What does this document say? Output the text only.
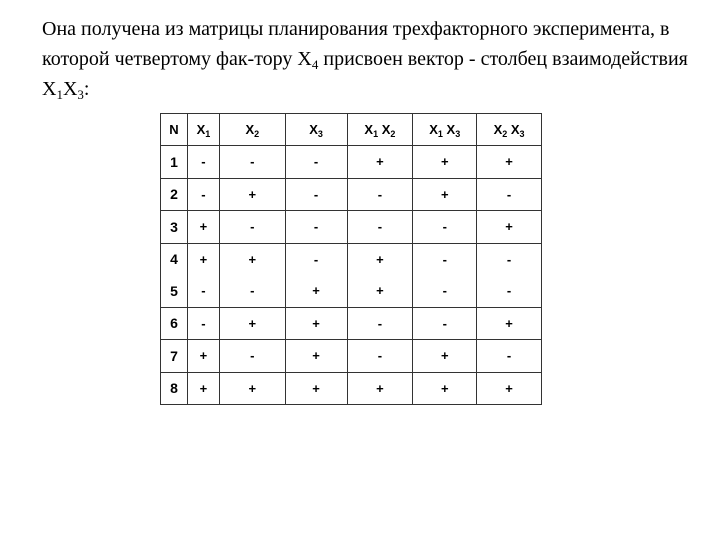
Она получена из матрицы планирования трехфакторного эксперимента, в которой четвертому фак-тору $X_4$ присвоен вектор - столбец взаимодействия $X_1X_3$:

N	$X_1$	$X_2$	$X_3$	$X_1$ $X_2$	$X_1$ $X_3$	$X_2$ $X_3$
1	-	-	-	+	+	+
2	-	+	-	-	+	-
3	+	-	-	-	-	+
4	+	+	-	+	-	-
5	-	-	+	+	-	-
6	-	+	+	-	-	+
7	+	-	+	-	+	-
8	+	+	+	+	+	+
